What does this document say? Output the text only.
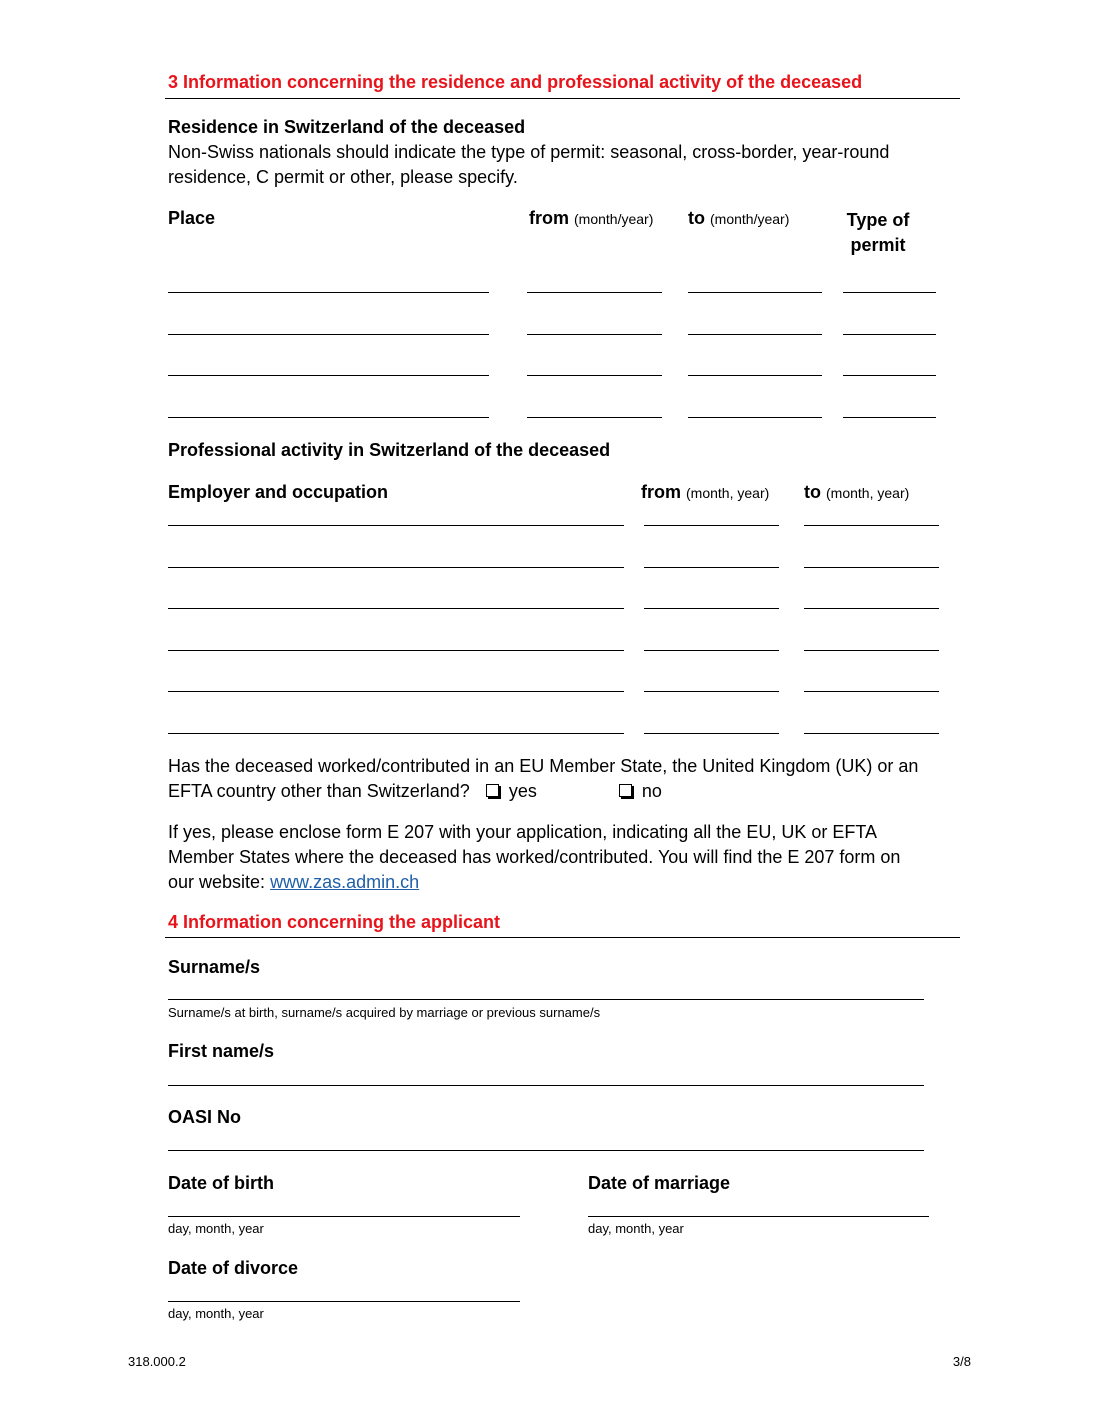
3 Information concerning the residence and professional activity of the deceased
Residence in Switzerland of the deceased
Non-Swiss nationals should indicate the type of permit: seasonal, cross-border, year-round
residence, C permit or other, please specify.
Place	from (month/year) to (month/year)	Type of
permit
Professional activity in Switzerland of the deceased
Employer and occupation	from (month, year) to (month, year)
Has the deceased worked/contributed in an EU Member State, the United Kingdom (UK) or an
EFTA country other than Switzerland? yes	no
If yes, please enclose form E 207 with your application, indicating all the EU, UK or EFTA
Member States where the deceased has worked/contributed. You will find the E 207 form on
our website: www.zas.admin.ch
4 Information concerning the applicant
Surname/s
Surname/s at birth, surname/s acquired by marriage or previous surname/s
First name/s
OASI No
Date of birth
day, month, year
Date of marriage
day, month, year
Date of divorce
day, month, year
318.000.2	3/8
